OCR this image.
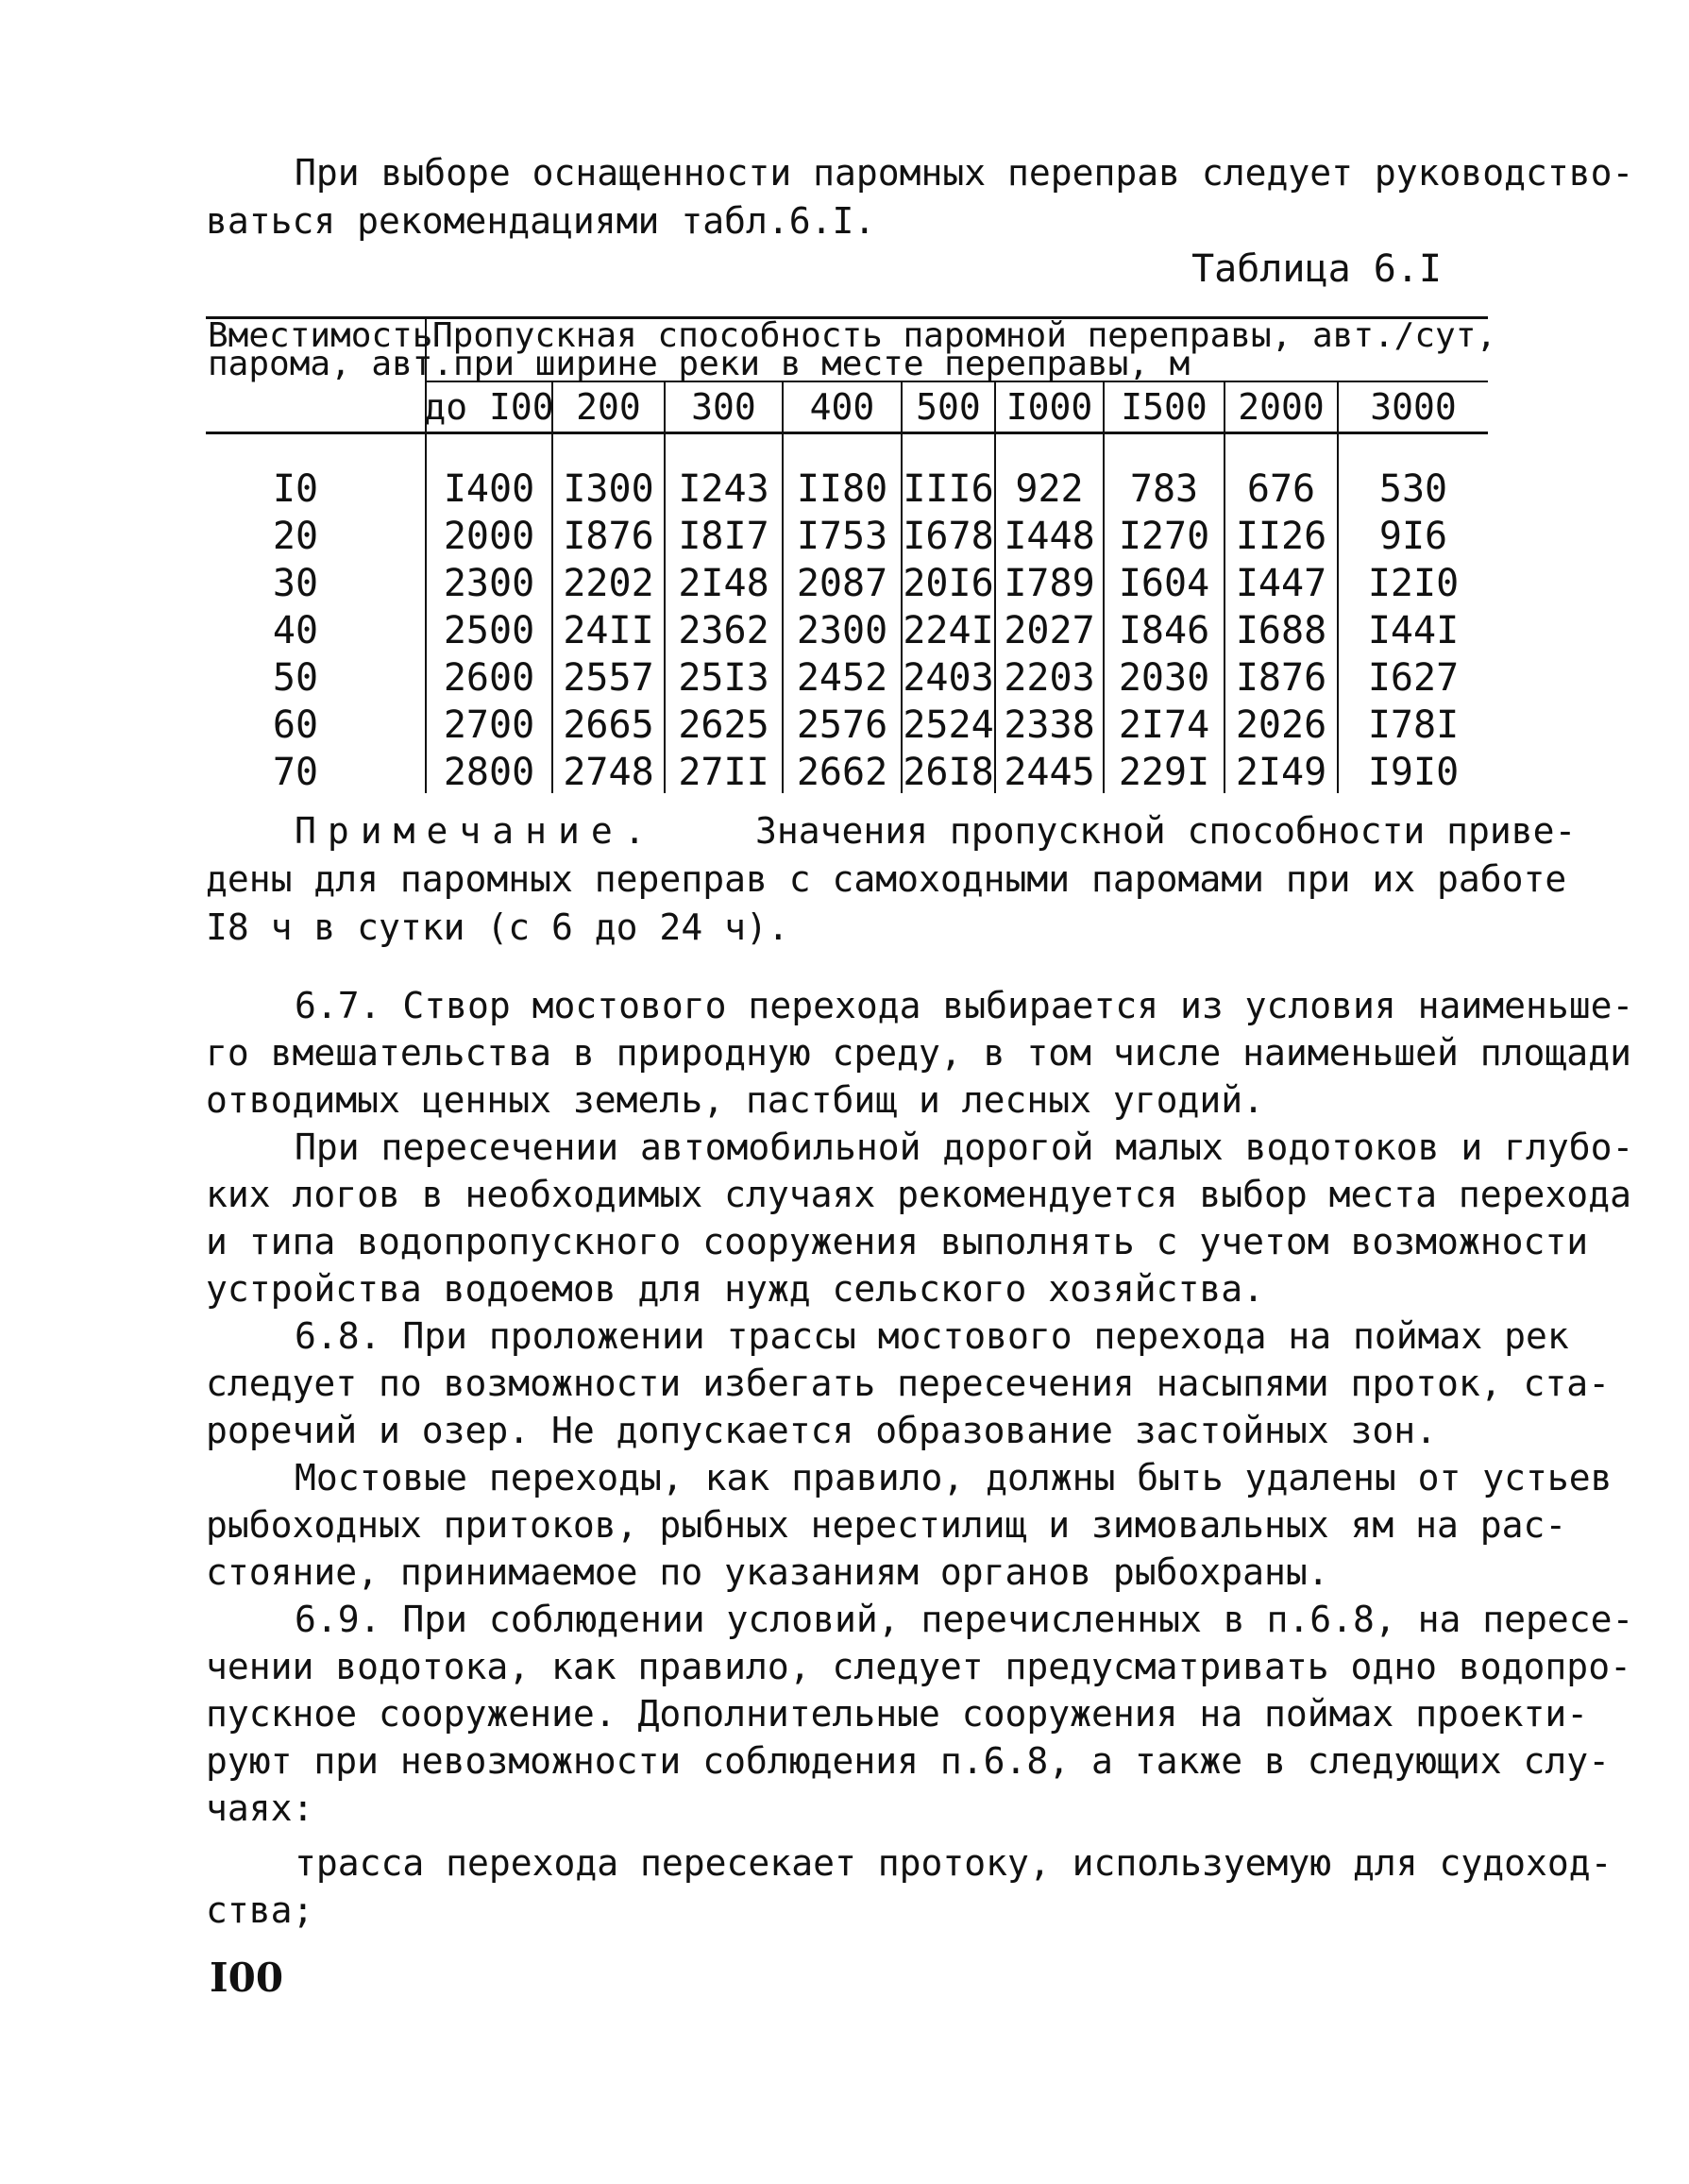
При выборе оснащенности паромных переправ следует руководство-

ваться рекомендациями табл.6.I.

Таблица 6.I
Вместимость
парома, авт.
Пропускная способность паромной переправы, авт./сут,
при ширине реки в месте переправы, м
до I00 200	300	400	500 I000 I500 2000	3000
I0	I400 I300 I243 II80 III6 922	783	676	530
20	2000 I876 I8I7 I753 I678 I448 I270 II26	9I6
30	2300 2202 2I48 2087 20I6 I789 I604 I447	I2I0
40	2500 24II 2362 2300 224I 2027 I846 I688	I44I
50	2600 2557 25I3 2452 2403 2203 2030 I876	I627
60	2700 2665 2625 2576 2524 2338 2I74 2026	I78I
70	2800 2748 27II 2662 26I8 2445 229I 2I49	I9I0

Примечание.	Значения пропускной способности приве-

дены для паромных переправ с самоходными паромами при их работе

I8 ч в сутки (с 6 до 24 ч).

6.7. Створ мостового перехода выбирается из условия наименьше-

го вмешательства в природную среду, в том числе наименьшей площади

отводимых ценных земель, пастбищ и лесных угодий.

При пересечении автомобильной дорогой малых водотоков и глубо-

ких логов в необходимых случаях рекомендуется выбор места перехода

и типа водопропускного сооружения выполнять с учетом возможности

устройства водоемов для нужд сельского хозяйства.

6.8. При проложении трассы мостового перехода на поймах рек

следует по возможности избегать пересечения насыпями проток, ста-

роречий и озер. Не допускается образование застойных зон.

Мостовые переходы, как правило, должны быть удалены от устьев

рыбоходных притоков, рыбных нерестилищ и зимовальных ям на рас-

стояние, принимаемое по указаниям органов рыбохраны.

6.9. При соблюдении условий, перечисленных в п.6.8, на пересе-

чении водотока, как правило, следует предусматривать одно водопро-

пускное сооружение. Дополнительные сооружения на поймах проекти-

руют при невозможности соблюдения п.6.8, а также в следующих слу-

чаях:

трасса перехода пересекает протоку, используемую для судоход-

ства;

I00
